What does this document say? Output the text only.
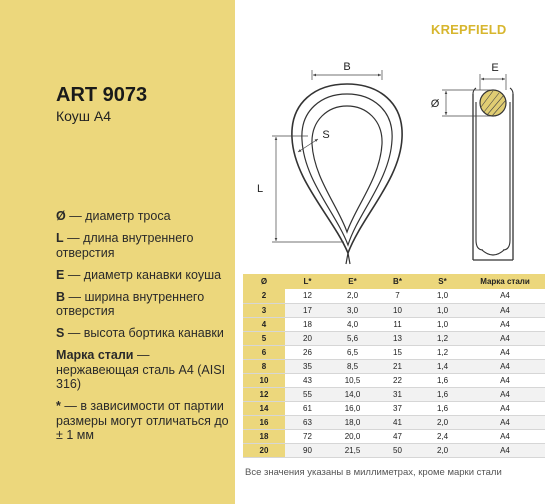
ART 9073
Коуш А4
Ø — диаметр троса
L — длина внутреннего отверстия
E — диаметр канавки коуша
B — ширина внутреннего отверстия
S — высота бортика канавки
Марка стали — нержавеющая сталь А4 (AISI 316)
* — в зависимости от партии размеры могут отличаться до ± 1 мм
KREPFIELD
B
L
S
E
Ø
Ø	L*	E*	B*	S*	Марка стали
2	12	2,0	7	1,0	А4
3	17	3,0	10	1,0	А4
4	18	4,0	11	1,0	А4
5	20	5,6	13	1,2	А4
6	26	6,5	15	1,2	А4
8	35	8,5	21	1,4	А4
10	43	10,5	22	1,6	А4
12	55	14,0	31	1,6	А4
14	61	16,0	37	1,6	А4
16	63	18,0	41	2,0	А4
18	72	20,0	47	2,4	А4
20	90	21,5	50	2,0	А4
Все значения указаны в миллиметрах, кроме марки стали
